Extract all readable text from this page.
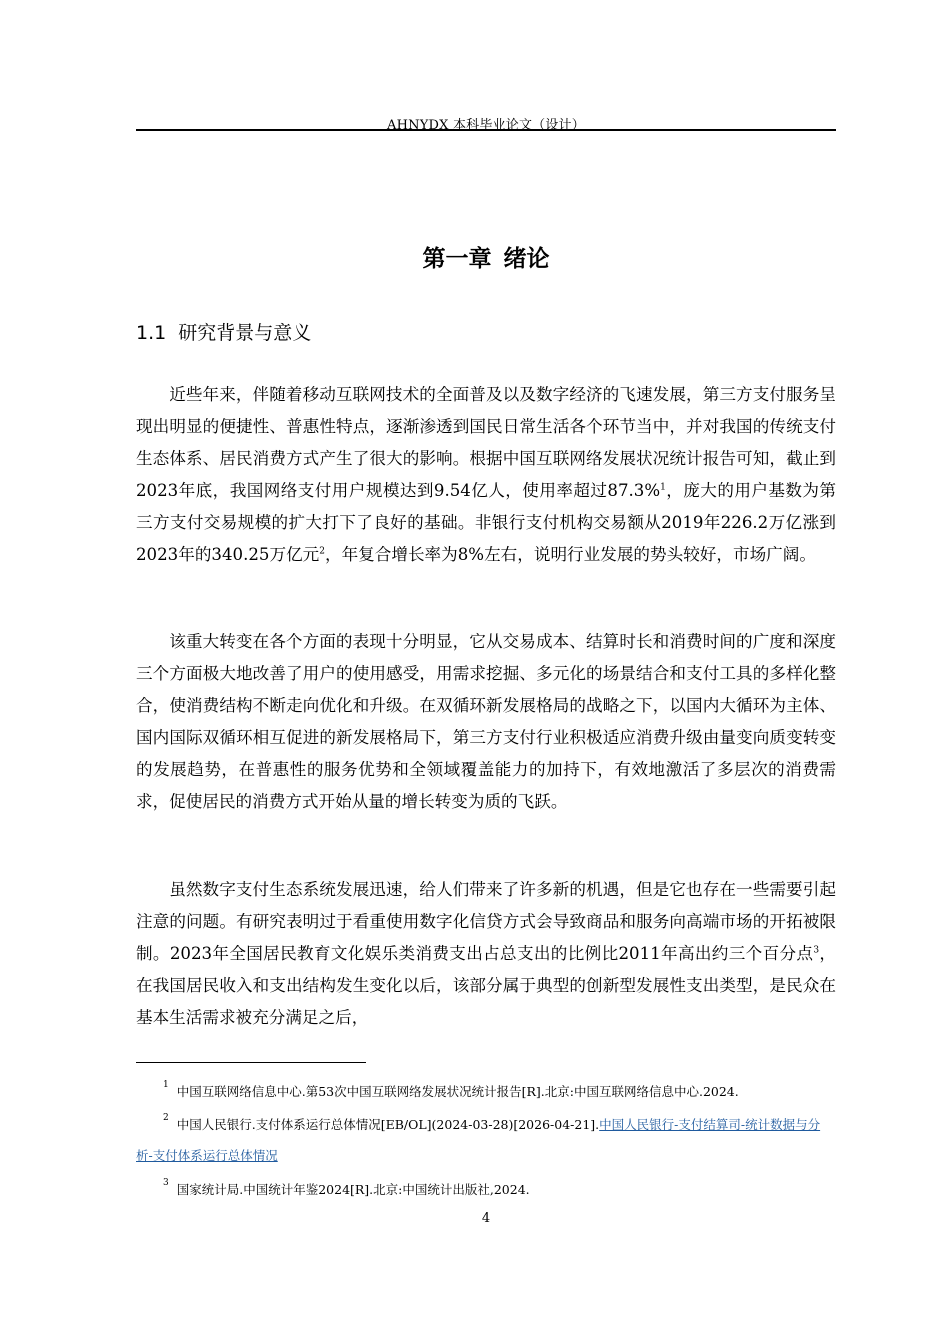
AHNYDX 本科毕业论文（设计）
第一章 绪论
1.1 研究背景与意义

近些年来，伴随着移动互联网技术的全面普及以及数字经济的飞速发展，第三方支付服务呈现出明显的便捷性、普惠性特点，逐渐渗透到国民日常生活各个环节当中，并对我国的传统支付生态体系、居民消费方式产生了很大的影响。根据中国互联网络发展状况统计报告可知，截止到2023年底，我国网络支付用户规模达到9.54亿人，使用率超过87.3%$^1$，庞大的用户基数为第三方支付交易规模的扩大打下了良好的基础。非银行支付机构交易额从2019年226.2万亿涨到2023年的340.25万亿元$^2$，年复合增长率为8%左右，说明行业发展的势头较好，市场广阔。

该重大转变在各个方面的表现十分明显，它从交易成本、结算时长和消费时间的广度和深度三个方面极大地改善了用户的使用感受，用需求挖掘、多元化的场景结合和支付工具的多样化整合，使消费结构不断走向优化和升级。在双循环新发展格局的战略之下，以国内大循环为主体、国内国际双循环相互促进的新发展格局下，第三方支付行业积极适应消费升级由量变向质变转变的发展趋势，在普惠性的服务优势和全领域覆盖能力的加持下，有效地激活了多层次的消费需求，促使居民的消费方式开始从量的增长转变为质的飞跃。

虽然数字支付生态系统发展迅速，给人们带来了许多新的机遇，但是它也存在一些需要引起注意的问题。有研究表明过于看重使用数字化信贷方式会导致商品和服务向高端市场的开拓被限制。2023年全国居民教育文化娱乐类消费支出占总支出的比例比2011年高出约三个百分点$^3$，在我国居民收入和支出结构发生变化以后，该部分属于典型的创新型发展性支出类型，是民众在基本生活需求被充分满足之后，

1 中国互联网络信息中心.第53次中国互联网络发展状况统计报告[R].北京:中国互联网络信息中心.2024.
2 中国人民银行.支付体系运行总体情况[EB/OL](2024-03-28)[2026-04-21].中国人民银行-支付结算司-统计数据与分析-支付体系运行总体情况
3 国家统计局.中国统计年鉴2024[R].北京:中国统计出版社,2024.
4
